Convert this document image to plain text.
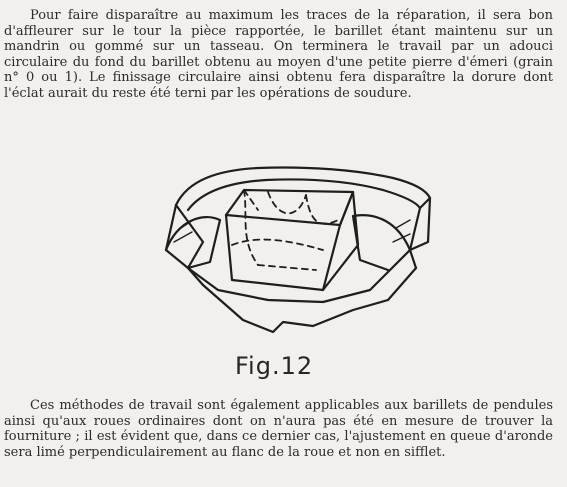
Pour faire disparaître au maximum les traces de la réparation, il sera bon d'affleurer sur le tour la pièce rapportée, le barillet étant maintenu sur un mandrin ou gommé sur un tasseau. On terminera le travail par un adouci circulaire du fond du barillet obtenu au moyen d'une petite pierre d'émeri (grain n° 0 ou 1). Le finissage circulaire ainsi obtenu fera disparaître la dorure dont l'éclat aurait du reste été terni par les opérations de soudure.

Fig.12

Ces méthodes de travail sont également applicables aux barillets de pendules ainsi qu'aux roues ordinaires dont on n'aura pas été en mesure de trouver la fourniture ; il est évident que, dans ce dernier cas, l'ajustement en queue d'aronde sera limé perpendiculairement au flanc de la roue et non en sifflet.
